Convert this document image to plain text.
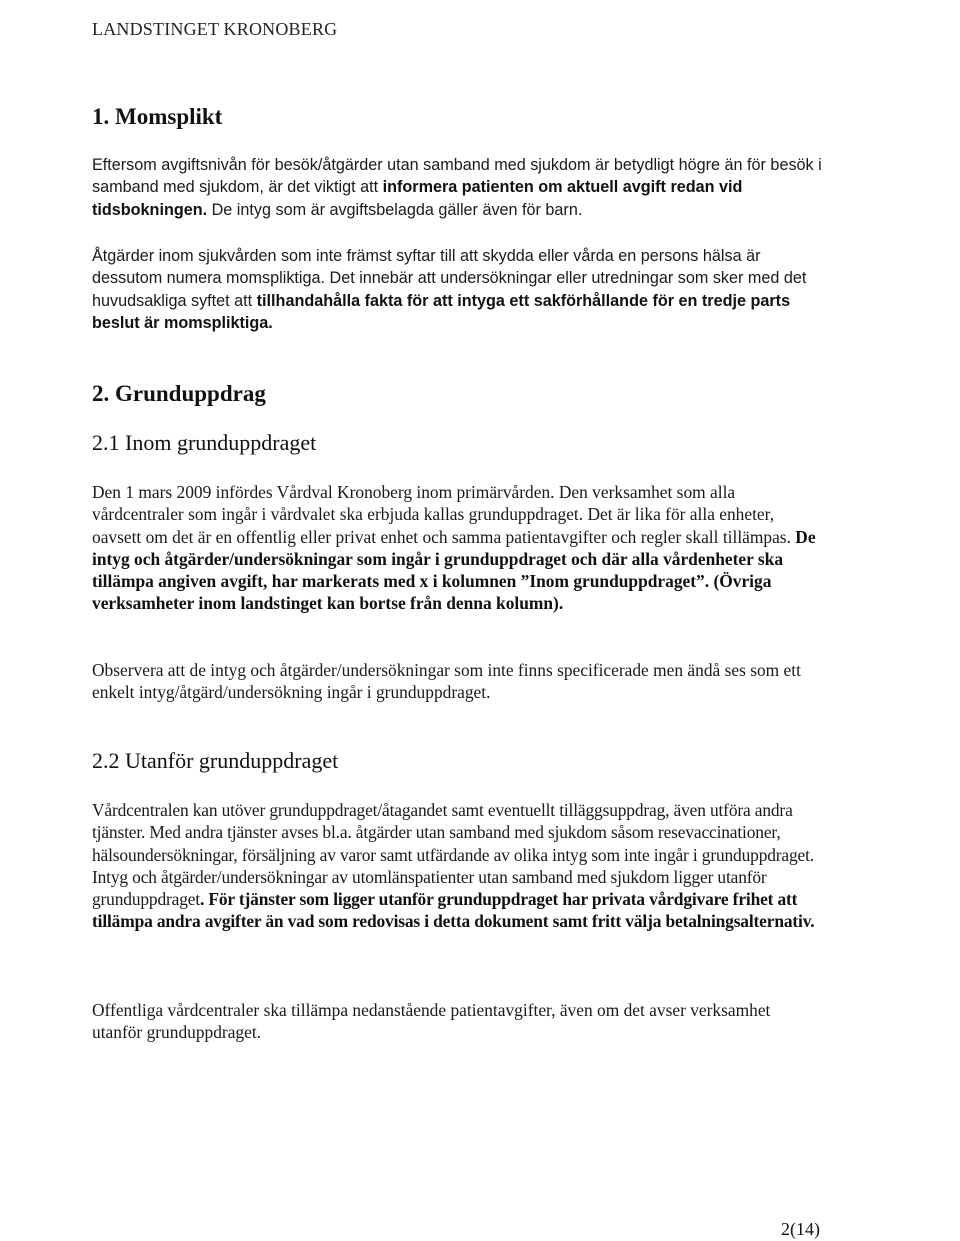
LANDSTINGET KRONOBERG
1. Momsplikt

Eftersom avgiftsnivån för besök/åtgärder utan samband med sjukdom är betydligt högre än för besök i samband med sjukdom, är det viktigt att informera patienten om aktuell avgift redan vid tidsbokningen. De intyg som är avgiftsbelagda gäller även för barn.

Åtgärder inom sjukvården som inte främst syftar till att skydda eller vårda en persons hälsa är dessutom numera momspliktiga. Det innebär att undersökningar eller utredningar som sker med det huvudsakliga syftet att tillhandahålla fakta för att intyga ett sakförhållande för en tredje parts beslut är momspliktiga.

2. Grunduppdrag
2.1 Inom grunduppdraget

Den 1 mars 2009 infördes Vårdval Kronoberg inom primärvården. Den verksamhet som alla vårdcentraler som ingår i vårdvalet ska erbjuda kallas grunduppdraget. Det är lika för alla enheter, oavsett om det är en offentlig eller privat enhet och samma patientavgifter och regler skall tillämpas. De intyg och åtgärder/undersökningar som ingår i grunduppdraget och där alla vårdenheter ska tillämpa angiven avgift, har markerats med x i kolumnen ”Inom grunduppdraget”. (Övriga verksamheter inom landstinget kan bortse från denna kolumn).

Observera att de intyg och åtgärder/undersökningar som inte finns specificerade men ändå ses som ett enkelt intyg/åtgärd/undersökning ingår i grunduppdraget.

2.2 Utanför grunduppdraget

Vårdcentralen kan utöver grunduppdraget/åtagandet samt eventuellt tilläggsuppdrag, även utföra andra tjänster. Med andra tjänster avses bl.a. åtgärder utan samband med sjukdom såsom resevaccinationer, hälsoundersökningar, försäljning av varor samt utfärdande av olika intyg som inte ingår i grunduppdraget. Intyg och åtgärder/undersökningar av utomlänspatienter utan samband med sjukdom ligger utanför grunduppdraget. För tjänster som ligger utanför grunduppdraget har privata vårdgivare frihet att tillämpa andra avgifter än vad som redovisas i detta dokument samt fritt välja betalningsalternativ.

Offentliga vårdcentraler ska tillämpa nedanstående patientavgifter, även om det avser verksamhet utanför grunduppdraget.

2(14)
